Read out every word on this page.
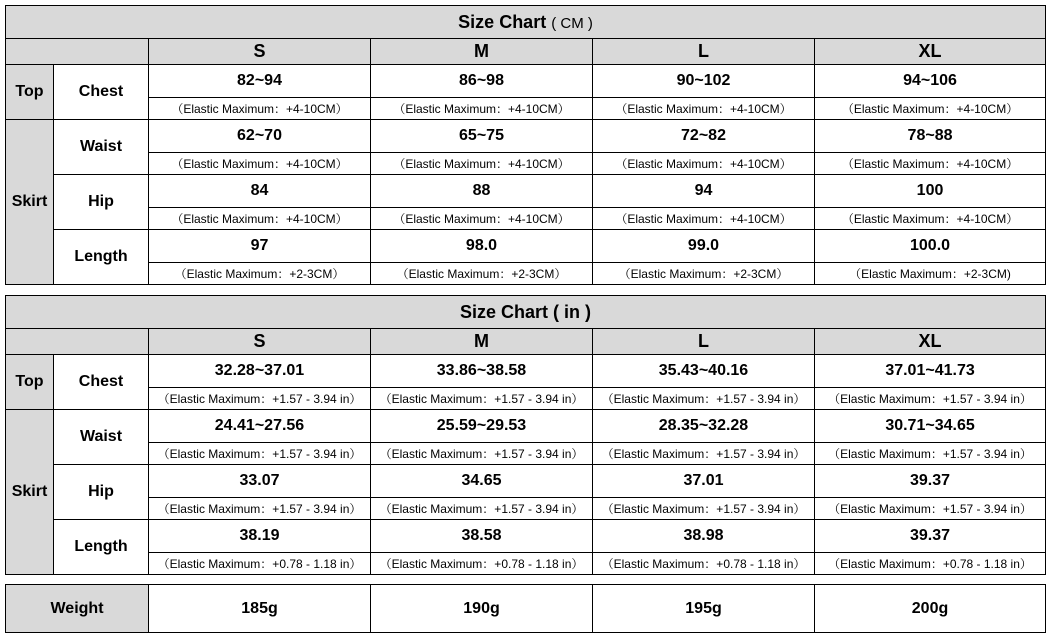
Size Chart ( CM )					
		S	M	L	XL
Top	Chest	82~94	86~98	90~102	94~106
		（Elastic Maximum：+4-10CM）	（Elastic Maximum：+4-10CM）	（Elastic Maximum：+4-10CM）	（Elastic Maximum：+4-10CM）
Skirt	Waist	62~70	65~75	72~82	78~88
		（Elastic Maximum：+4-10CM）	（Elastic Maximum：+4-10CM）	（Elastic Maximum：+4-10CM）	（Elastic Maximum：+4-10CM）
	Hip	84	88	94	100
		（Elastic Maximum：+4-10CM）	（Elastic Maximum：+4-10CM）	（Elastic Maximum：+4-10CM）	（Elastic Maximum：+4-10CM）
	Length	97	98.0	99.0	100.0
		（Elastic Maximum：+2-3CM）	（Elastic Maximum：+2-3CM）	（Elastic Maximum：+2-3CM）	（Elastic Maximum：+2-3CM)
Size Chart ( in )					
		S	M	L	XL
Top	Chest	32.28~37.01	33.86~38.58	35.43~40.16	37.01~41.73
		（Elastic Maximum：+1.57 - 3.94 in）	（Elastic Maximum：+1.57 - 3.94 in）	（Elastic Maximum：+1.57 - 3.94 in）	（Elastic Maximum：+1.57 - 3.94 in）
Skirt	Waist	24.41~27.56	25.59~29.53	28.35~32.28	30.71~34.65
		（Elastic Maximum：+1.57 - 3.94 in）	（Elastic Maximum：+1.57 - 3.94 in）	（Elastic Maximum：+1.57 - 3.94 in）	（Elastic Maximum：+1.57 - 3.94 in）
	Hip	33.07	34.65	37.01	39.37
		（Elastic Maximum：+1.57 - 3.94 in）	（Elastic Maximum：+1.57 - 3.94 in）	（Elastic Maximum：+1.57 - 3.94 in）	（Elastic Maximum：+1.57 - 3.94 in）
	Length	38.19	38.58	38.98	39.37
		（Elastic Maximum：+0.78 - 1.18 in）	（Elastic Maximum：+0.78 - 1.18 in）	（Elastic Maximum：+0.78 - 1.18 in）	（Elastic Maximum：+0.78 - 1.18 in）
Weight	185g	190g	195g	200g
